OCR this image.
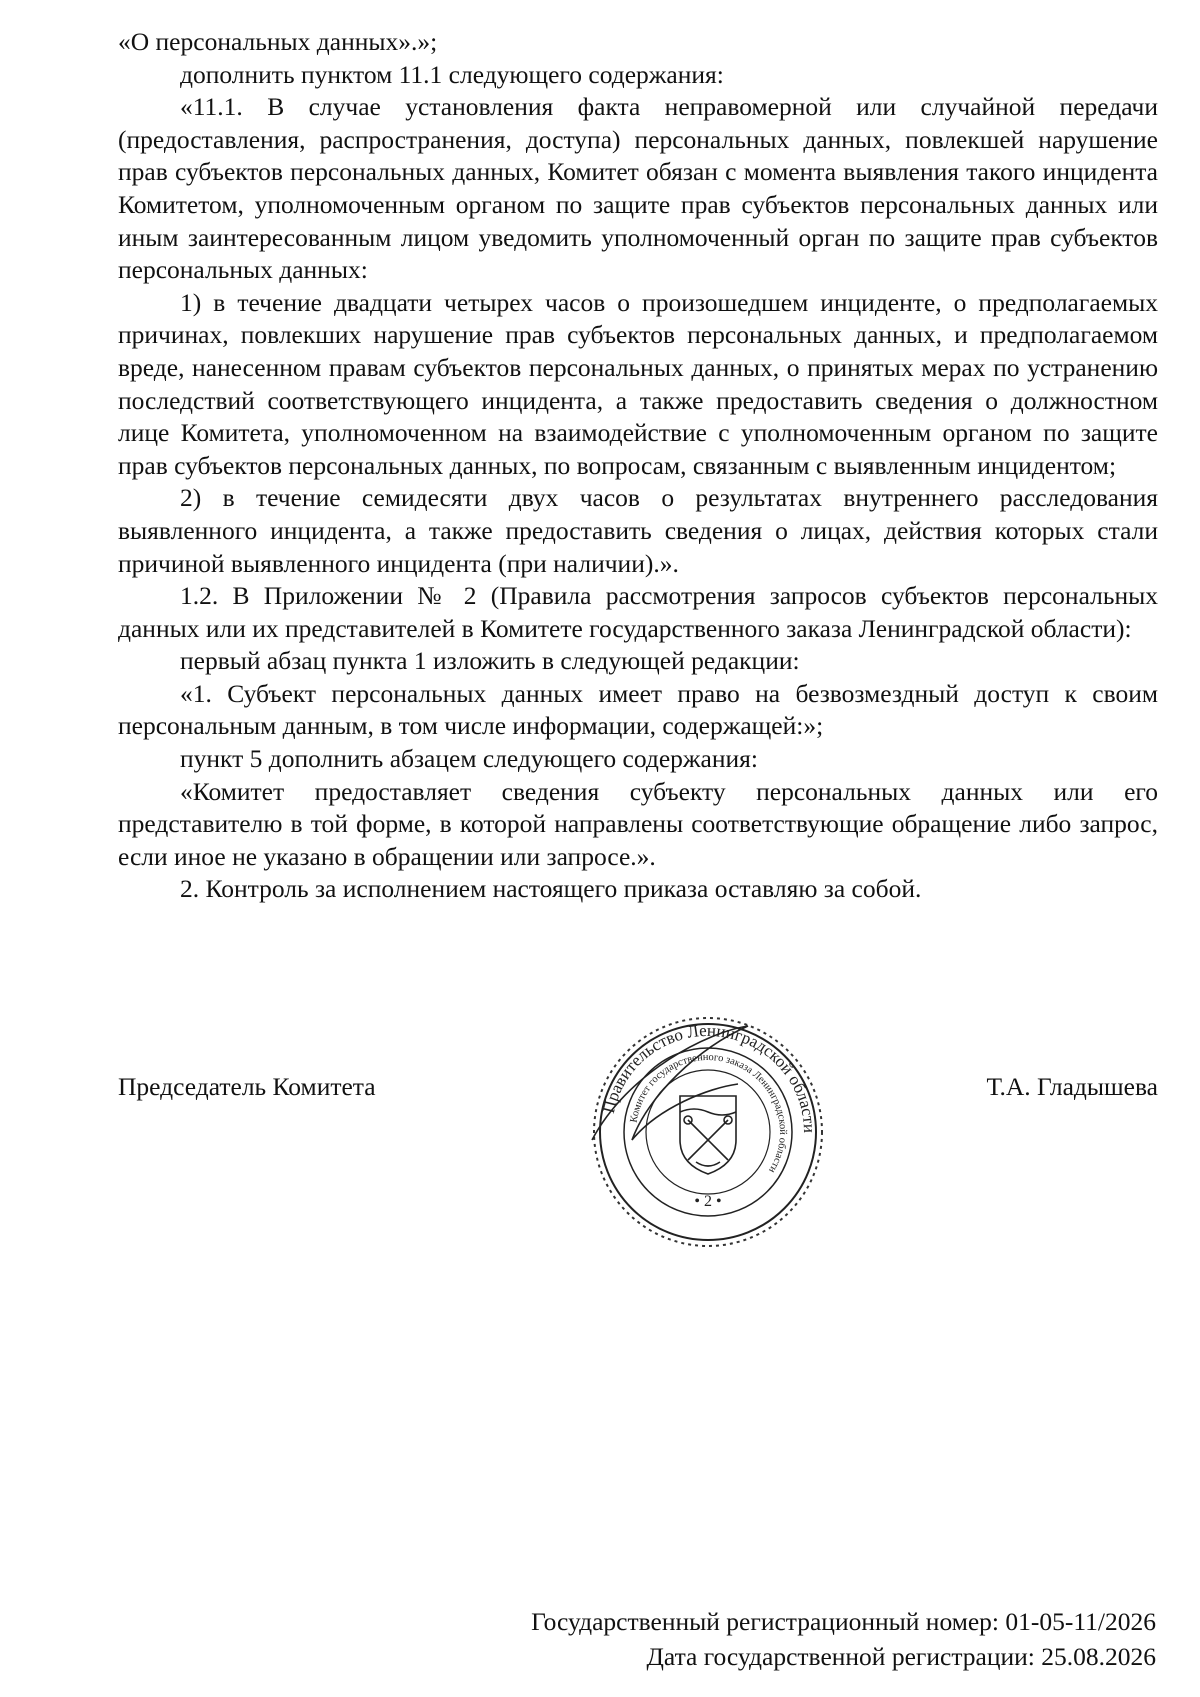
«О персональных данных».»;

дополнить пунктом 11.1 следующего содержания:

«11.1. В случае установления факта неправомерной или случайной передачи (предоставления, распространения, доступа) персональных данных, повлекшей нарушение прав субъектов персональных данных, Комитет обязан с момента выявления такого инцидента Комитетом, уполномоченным органом по защите прав субъектов персональных данных или иным заинтересованным лицом уведомить уполномоченный орган по защите прав субъектов персональных данных:

1) в течение двадцати четырех часов о произошедшем инциденте, о предполагаемых причинах, повлекших нарушение прав субъектов персональных данных, и предполагаемом вреде, нанесенном правам субъектов персональных данных, о принятых мерах по устранению последствий соответствующего инцидента, а также предоставить сведения о должностном лице Комитета, уполномоченном на взаимодействие с уполномоченным органом по защите прав субъектов персональных данных, по вопросам, связанным с выявленным инцидентом;

2) в течение семидесяти двух часов о результатах внутреннего расследования выявленного инцидента, а также предоставить сведения о лицах, действия которых стали причиной выявленного инцидента (при наличии).».

1.2. В Приложении № 2 (Правила рассмотрения запросов субъектов персональных данных или их представителей в Комитете государственного заказа Ленинградской области):

первый абзац пункта 1 изложить в следующей редакции:

«1. Субъект персональных данных имеет право на безвозмездный доступ к своим персональным данным, в том числе информации, содержащей:»;

пункт 5 дополнить абзацем следующего содержания:

«Комитет предоставляет сведения субъекту персональных данных или его представителю в той форме, в которой направлены соответствующие обращение либо запрос, если иное не указано в обращении или запросе.».

2. Контроль за исполнением настоящего приказа оставляю за собой.

Председатель Комитета	Т.А. Гладышева
Правительство Ленинградской области
Комитет государственного заказа Ленинградской области
• 2 •
Государственный регистрационный номер: 01-05-11/2026
Дата государственной регистрации: 25.08.2026
